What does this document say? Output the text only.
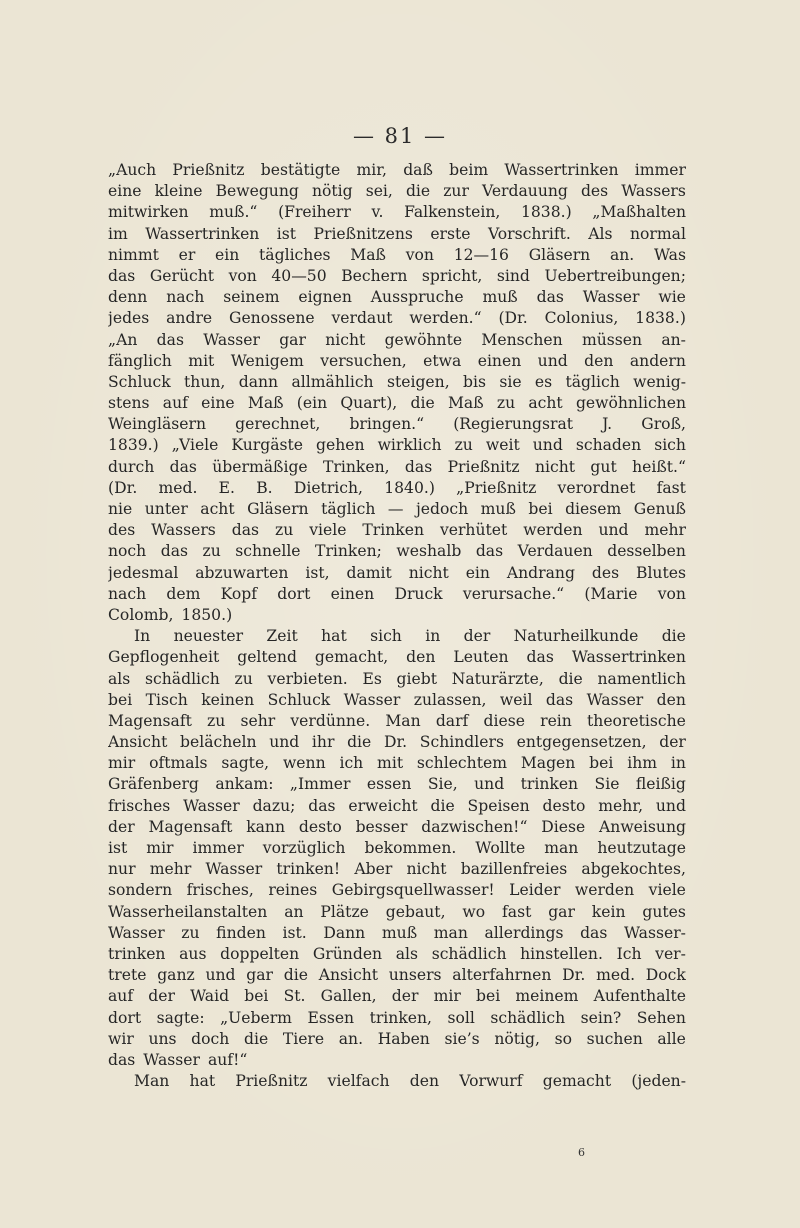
— 81 —
„Auch Prießnitz bestätigte mir, daß beim Wassertrinken immer
eine kleine Bewegung nötig sei, die zur Verdauung des Wassers
mitwirken muß.“ (Freiherr v. Falkenstein, 1838.) „Maßhalten
im Wassertrinken ist Prießnitzens erste Vorschrift. Als normal
nimmt er ein tägliches Maß von 12—16 Gläsern an. Was
das Gerücht von 40—50 Bechern spricht, sind Uebertreibungen;
denn nach seinem eignen Ausspruche muß das Wasser wie
jedes andre Genossene verdaut werden.“ (Dr. Colonius, 1838.)
„An das Wasser gar nicht gewöhnte Menschen müssen an-
fänglich mit Wenigem versuchen, etwa einen und den andern
Schluck thun, dann allmählich steigen, bis sie es täglich wenig-
stens auf eine Maß (ein Quart), die Maß zu acht gewöhnlichen
Weingläsern gerechnet, bringen.“ (Regierungsrat J. Groß,
1839.) „Viele Kurgäste gehen wirklich zu weit und schaden sich
durch das übermäßige Trinken, das Prießnitz nicht gut heißt.“
(Dr. med. E. B. Dietrich, 1840.) „Prießnitz verordnet fast
nie unter acht Gläsern täglich — jedoch muß bei diesem Genuß
des Wassers das zu viele Trinken verhütet werden und mehr
noch das zu schnelle Trinken; weshalb das Verdauen desselben
jedesmal abzuwarten ist, damit nicht ein Andrang des Blutes
nach dem Kopf dort einen Druck verursache.“ (Marie von
Colomb, 1850.)
In neuester Zeit hat sich in der Naturheilkunde die
Gepflogenheit geltend gemacht, den Leuten das Wassertrinken
als schädlich zu verbieten. Es giebt Naturärzte, die namentlich
bei Tisch keinen Schluck Wasser zulassen, weil das Wasser den
Magensaft zu sehr verdünne. Man darf diese rein theoretische
Ansicht belächeln und ihr die Dr. Schindlers entgegensetzen, der
mir oftmals sagte, wenn ich mit schlechtem Magen bei ihm in
Gräfenberg ankam: „Immer essen Sie, und trinken Sie fleißig
frisches Wasser dazu; das erweicht die Speisen desto mehr, und
der Magensaft kann desto besser dazwischen!“ Diese Anweisung
ist mir immer vorzüglich bekommen. Wollte man heutzutage
nur mehr Wasser trinken! Aber nicht bazillenfreies abgekochtes,
sondern frisches, reines Gebirgsquellwasser! Leider werden viele
Wasserheilanstalten an Plätze gebaut, wo fast gar kein gutes
Wasser zu finden ist. Dann muß man allerdings das Wasser-
trinken aus doppelten Gründen als schädlich hinstellen. Ich ver-
trete ganz und gar die Ansicht unsers alterfahrnen Dr. med. Dock
auf der Waid bei St. Gallen, der mir bei meinem Aufenthalte
dort sagte: „Ueberm Essen trinken, soll schädlich sein? Sehen
wir uns doch die Tiere an. Haben sie’s nötig, so suchen alle
das Wasser auf!“
Man hat Prießnitz vielfach den Vorwurf gemacht (jeden-
6
